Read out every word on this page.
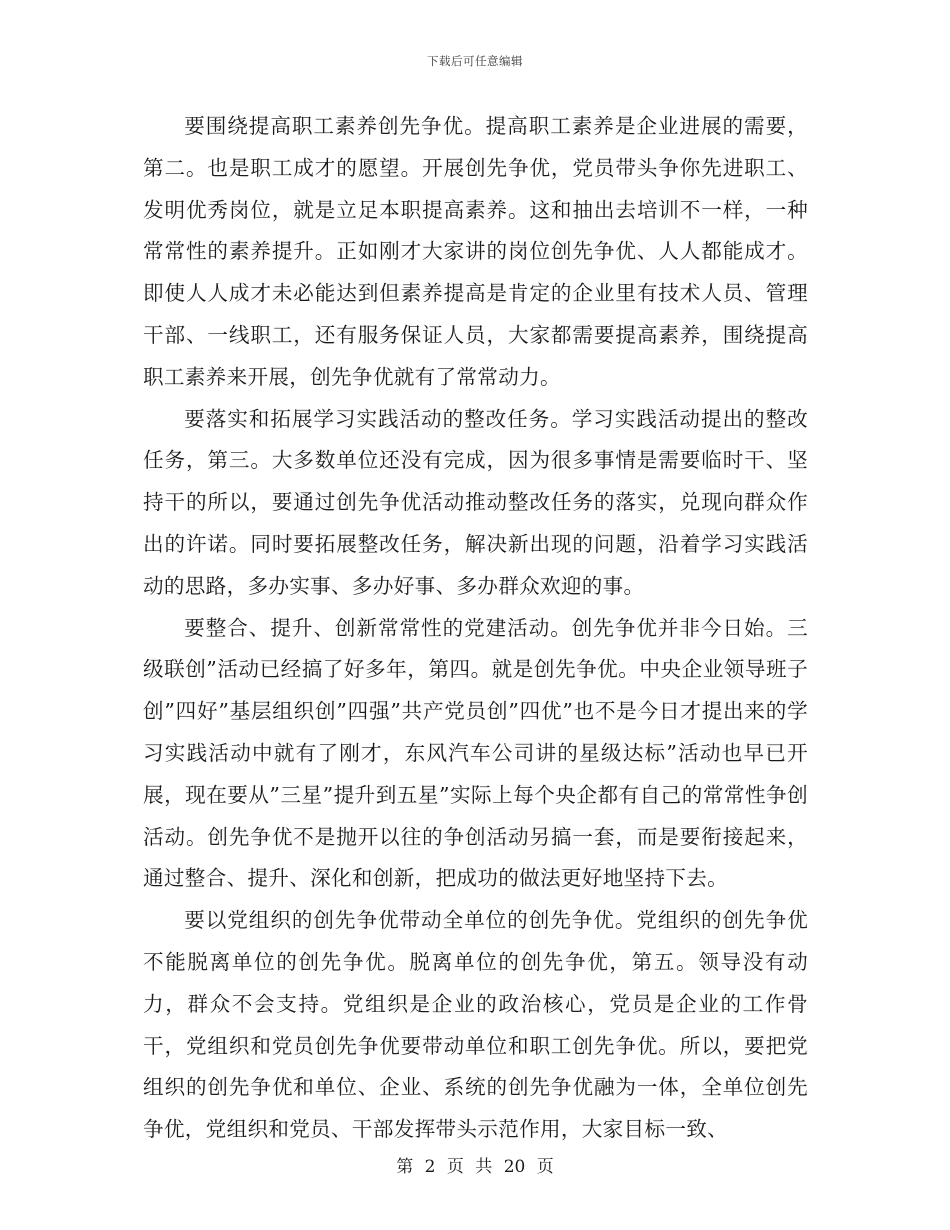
下载后可任意编辑

要围绕提高职工素养创先争优。提高职工素养是企业进展的需要，第二。也是职工成才的愿望。开展创先争优，党员带头争你先进职工、发明优秀岗位，就是立足本职提高素养。这和抽出去培训不一样，一种常常性的素养提升。正如刚才大家讲的岗位创先争优、人人都能成才。即使人人成才未必能达到但素养提高是肯定的企业里有技术人员、管理干部、一线职工，还有服务保证人员，大家都需要提高素养，围绕提高职工素养来开展，创先争优就有了常常动力。

要落实和拓展学习实践活动的整改任务。学习实践活动提出的整改任务，第三。大多数单位还没有完成，因为很多事情是需要临时干、坚持干的所以，要通过创先争优活动推动整改任务的落实，兑现向群众作出的许诺。同时要拓展整改任务，解决新出现的问题，沿着学习实践活动的思路，多办实事、多办好事、多办群众欢迎的事。

要整合、提升、创新常常性的党建活动。创先争优并非今日始。三级联创”活动已经搞了好多年，第四。就是创先争优。中央企业领导班子创”四好”基层组织创”四强”共产党员创”四优”也不是今日才提出来的学习实践活动中就有了刚才，东风汽车公司讲的星级达标”活动也早已开展，现在要从”三星”提升到五星”实际上每个央企都有自己的常常性争创活动。创先争优不是抛开以往的争创活动另搞一套，而是要衔接起来，通过整合、提升、深化和创新，把成功的做法更好地坚持下去。

要以党组织的创先争优带动全单位的创先争优。党组织的创先争优不能脱离单位的创先争优。脱离单位的创先争优，第五。领导没有动力，群众不会支持。党组织是企业的政治核心，党员是企业的工作骨干，党组织和党员创先争优要带动单位和职工创先争优。所以，要把党组织的创先争优和单位、企业、系统的创先争优融为一体，全单位创先争优，党组织和党员、干部发挥带头示范作用，大家目标一致、

第 2 页 共 20 页
